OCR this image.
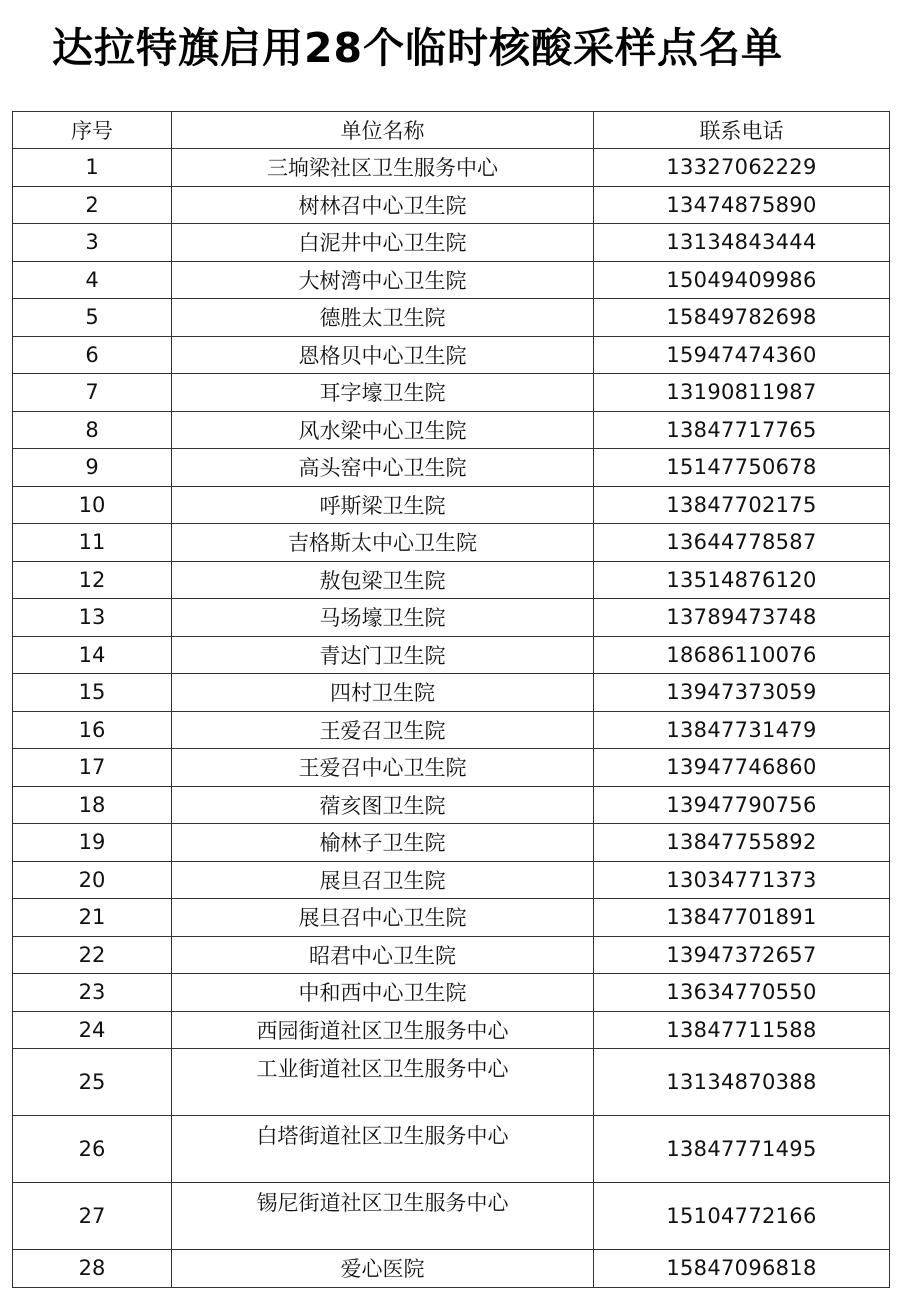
达拉特旗启用28个临时核酸采样点名单
序号	单位名称	联系电话
1	三垧梁社区卫生服务中心	13327062229
2	树林召中心卫生院	13474875890
3	白泥井中心卫生院	13134843444
4	大树湾中心卫生院	15049409986
5	德胜太卫生院	15849782698
6	恩格贝中心卫生院	15947474360
7	耳字壕卫生院	13190811987
8	风水梁中心卫生院	13847717765
9	高头窑中心卫生院	15147750678
10	呼斯梁卫生院	13847702175
11	吉格斯太中心卫生院	13644778587
12	敖包梁卫生院	13514876120
13	马场壕卫生院	13789473748
14	青达门卫生院	18686110076
15	四村卫生院	13947373059
16	王爱召卫生院	13847731479
17	王爱召中心卫生院	13947746860
18	蓿亥图卫生院	13947790756
19	榆林子卫生院	13847755892
20	展旦召卫生院	13034771373
21	展旦召中心卫生院	13847701891
22	昭君中心卫生院	13947372657
23	中和西中心卫生院	13634770550
24	西园街道社区卫生服务中心	13847711588
25	工业街道社区卫生服务中心	13134870388
26	白塔街道社区卫生服务中心	13847771495
27	锡尼街道社区卫生服务中心	15104772166
28	爱心医院	15847096818
